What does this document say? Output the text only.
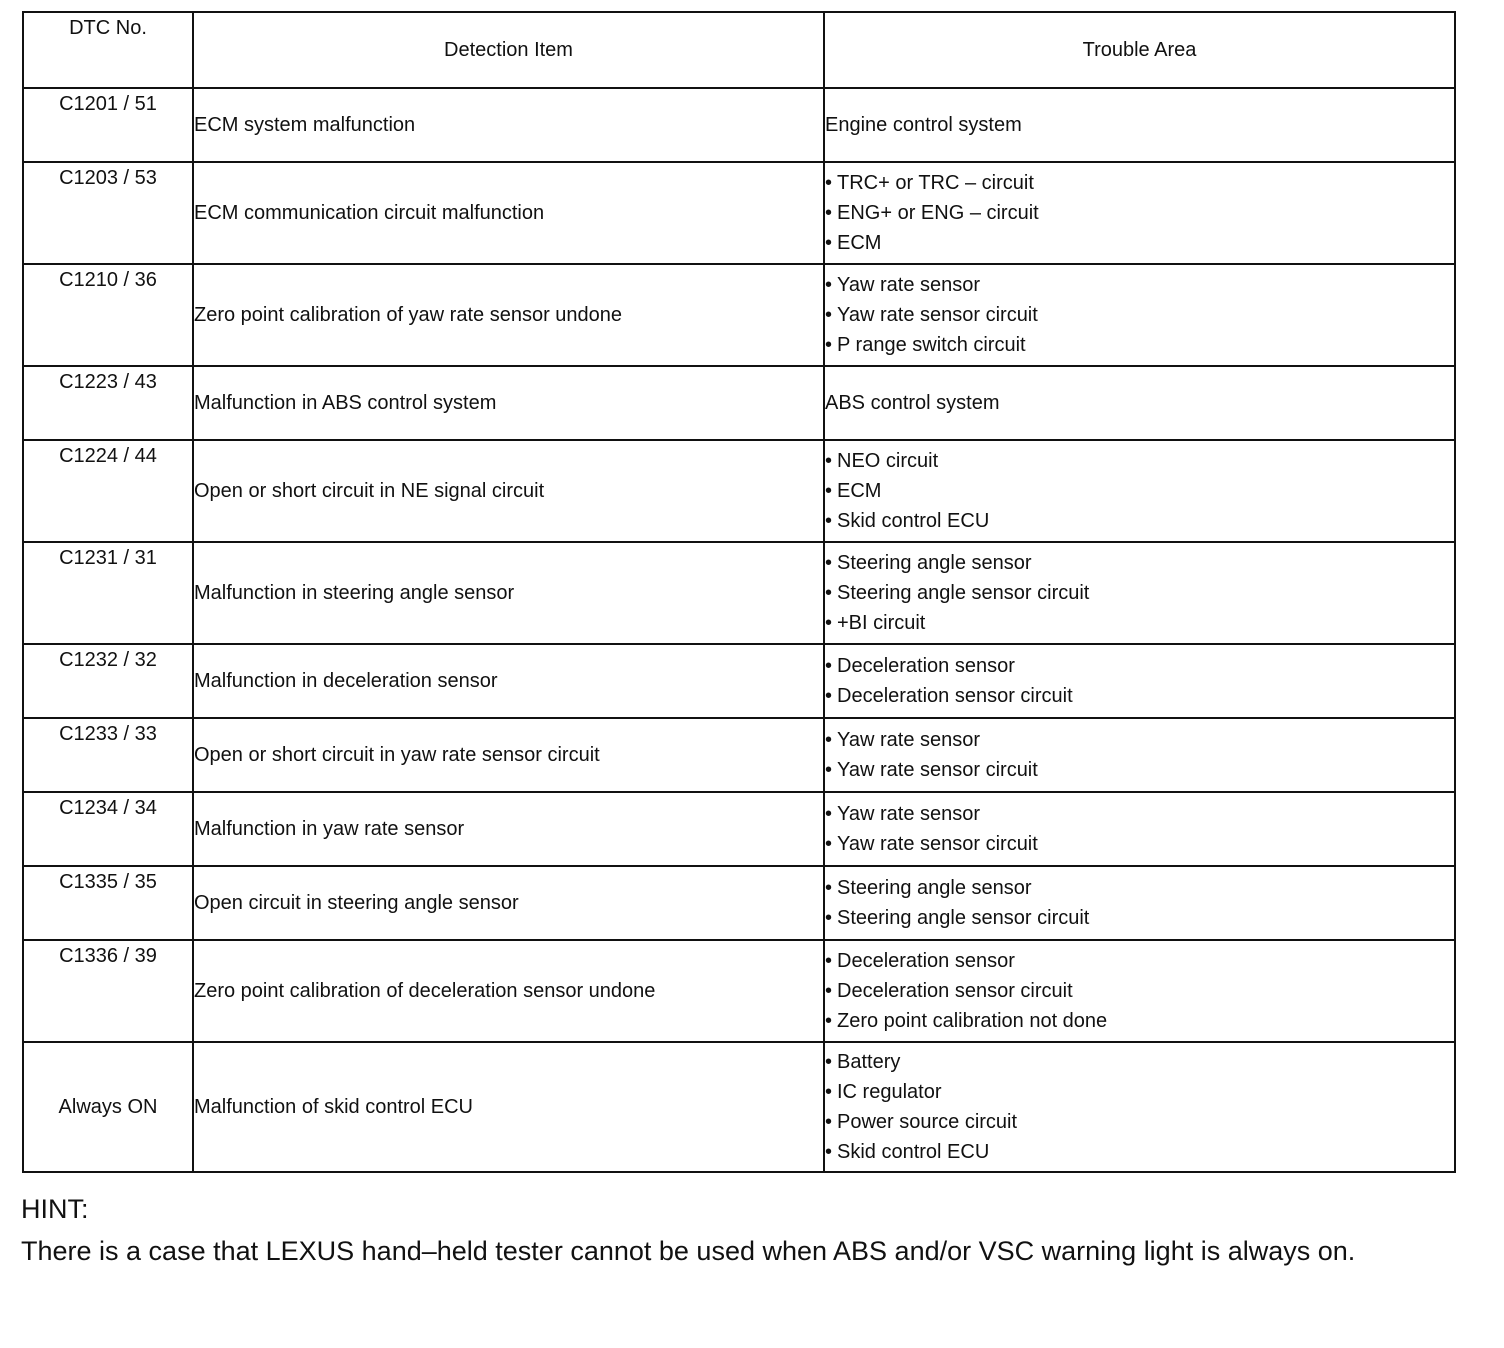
DTC No.	Detection Item	Trouble Area
C1201 / 51	ECM system malfunction	Engine control system

C1203 / 53	ECM communication circuit malfunction	• TRC+ or TRC – circuit
• ENG+ or ENG – circuit
• ECM

C1210 / 36	Zero point calibration of yaw rate sensor undone	• Yaw rate sensor
• Yaw rate sensor circuit
• P range switch circuit

C1223 / 43	Malfunction in ABS control system	ABS control system

C1224 / 44	Open or short circuit in NE signal circuit	• NEO circuit
• ECM
• Skid control ECU

C1231 / 31	Malfunction in steering angle sensor	• Steering angle sensor
• Steering angle sensor circuit
• +BI circuit

C1232 / 32	Malfunction in deceleration sensor	• Deceleration sensor
• Deceleration sensor circuit

C1233 / 33	Open or short circuit in yaw rate sensor circuit	• Yaw rate sensor
• Yaw rate sensor circuit

C1234 / 34	Malfunction in yaw rate sensor	• Yaw rate sensor
• Yaw rate sensor circuit

C1335 / 35	Open circuit in steering angle sensor	• Steering angle sensor
• Steering angle sensor circuit

C1336 / 39	Zero point calibration of deceleration sensor undone	• Deceleration sensor
• Deceleration sensor circuit
• Zero point calibration not done

Always ON	Malfunction of skid control ECU	• Battery
• IC regulator
• Power source circuit
• Skid control ECU
HINT:
There is a case that LEXUS hand–held tester cannot be used when ABS and/or VSC warning light is always on.
